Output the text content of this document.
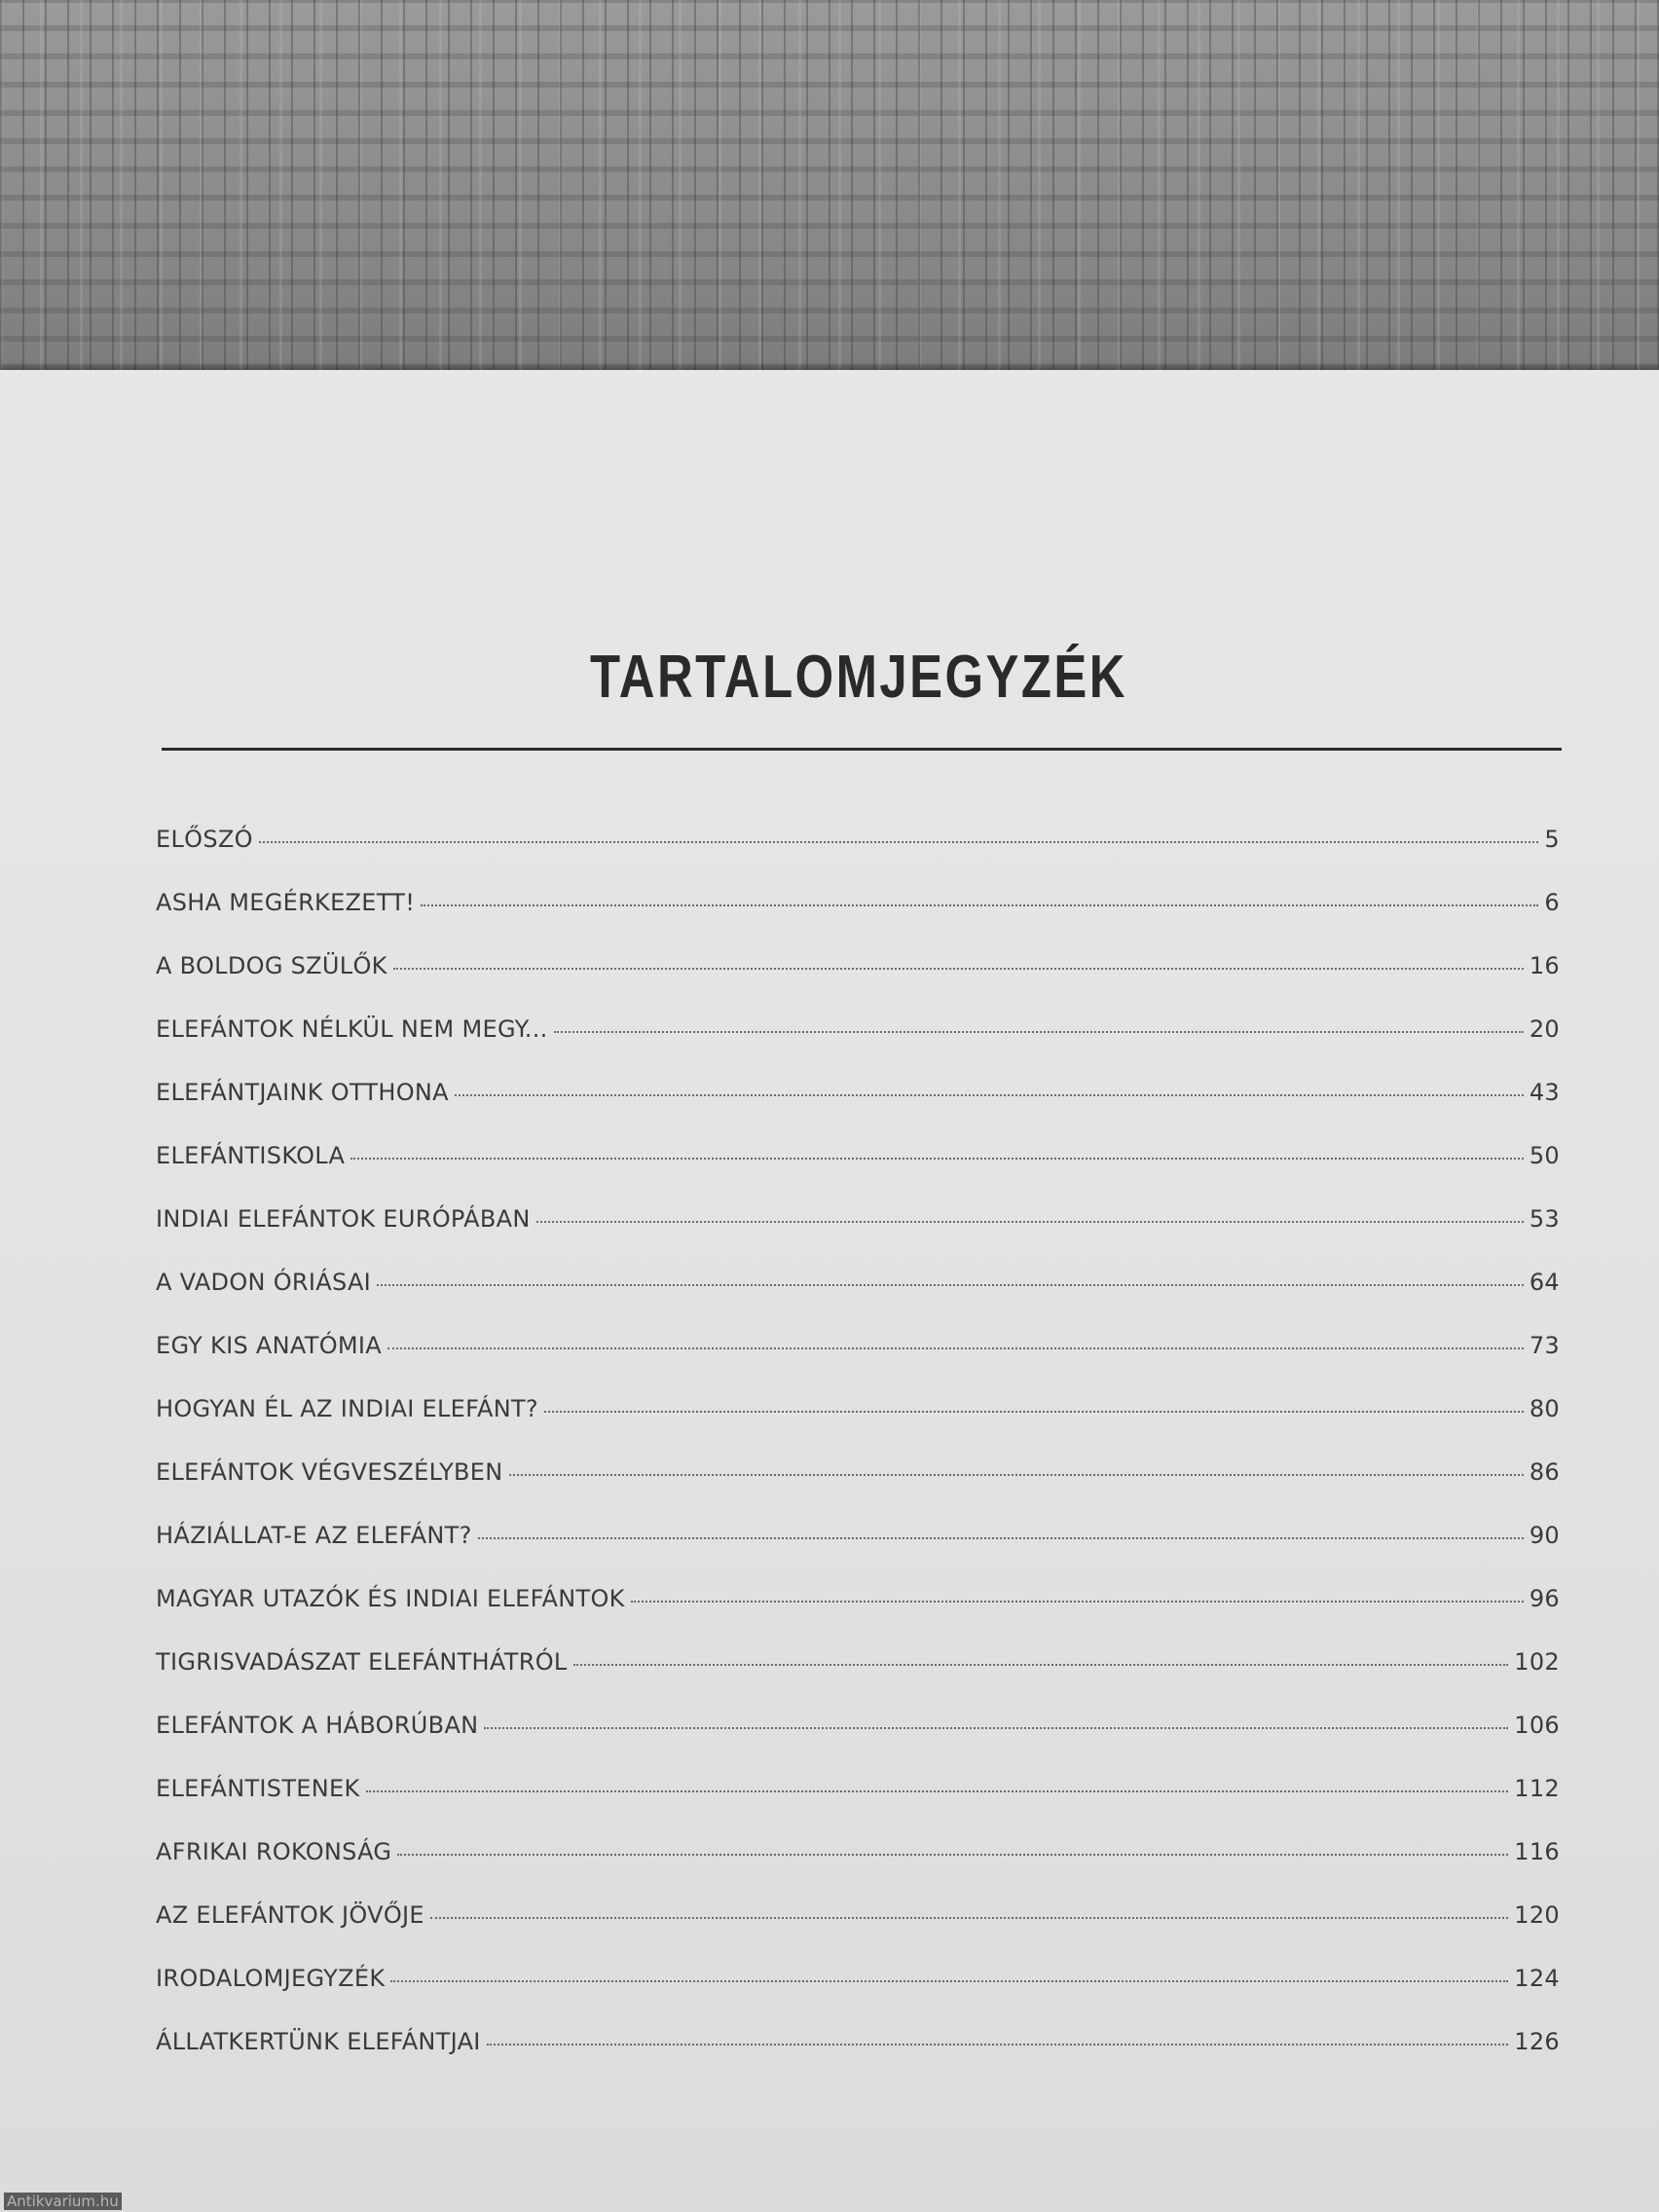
TARTALOMJEGYZÉK
ELŐSZÓ	5
ASHA MEGÉRKEZETT!	6
A BOLDOG SZÜLŐK	16
ELEFÁNTOK NÉLKÜL NEM MEGY...	20
ELEFÁNTJAINK OTTHONA	43
ELEFÁNTISKOLA	50
INDIAI ELEFÁNTOK EURÓPÁBAN	53
A VADON ÓRIÁSAI	64
EGY KIS ANATÓMIA	73
HOGYAN ÉL AZ INDIAI ELEFÁNT?	80
ELEFÁNTOK VÉGVESZÉLYBEN	86
HÁZIÁLLAT-E AZ ELEFÁNT?	90
MAGYAR UTAZÓK ÉS INDIAI ELEFÁNTOK	96
TIGRISVADÁSZAT ELEFÁNTHÁTRÓL	102
ELEFÁNTOK A HÁBORÚBAN	106
ELEFÁNTISTENEK	112
AFRIKAI ROKONSÁG	116
AZ ELEFÁNTOK JÖVŐJE	120
IRODALOMJEGYZÉK	124
ÁLLATKERTÜNK ELEFÁNTJAI	126
Antikvarium.hu
